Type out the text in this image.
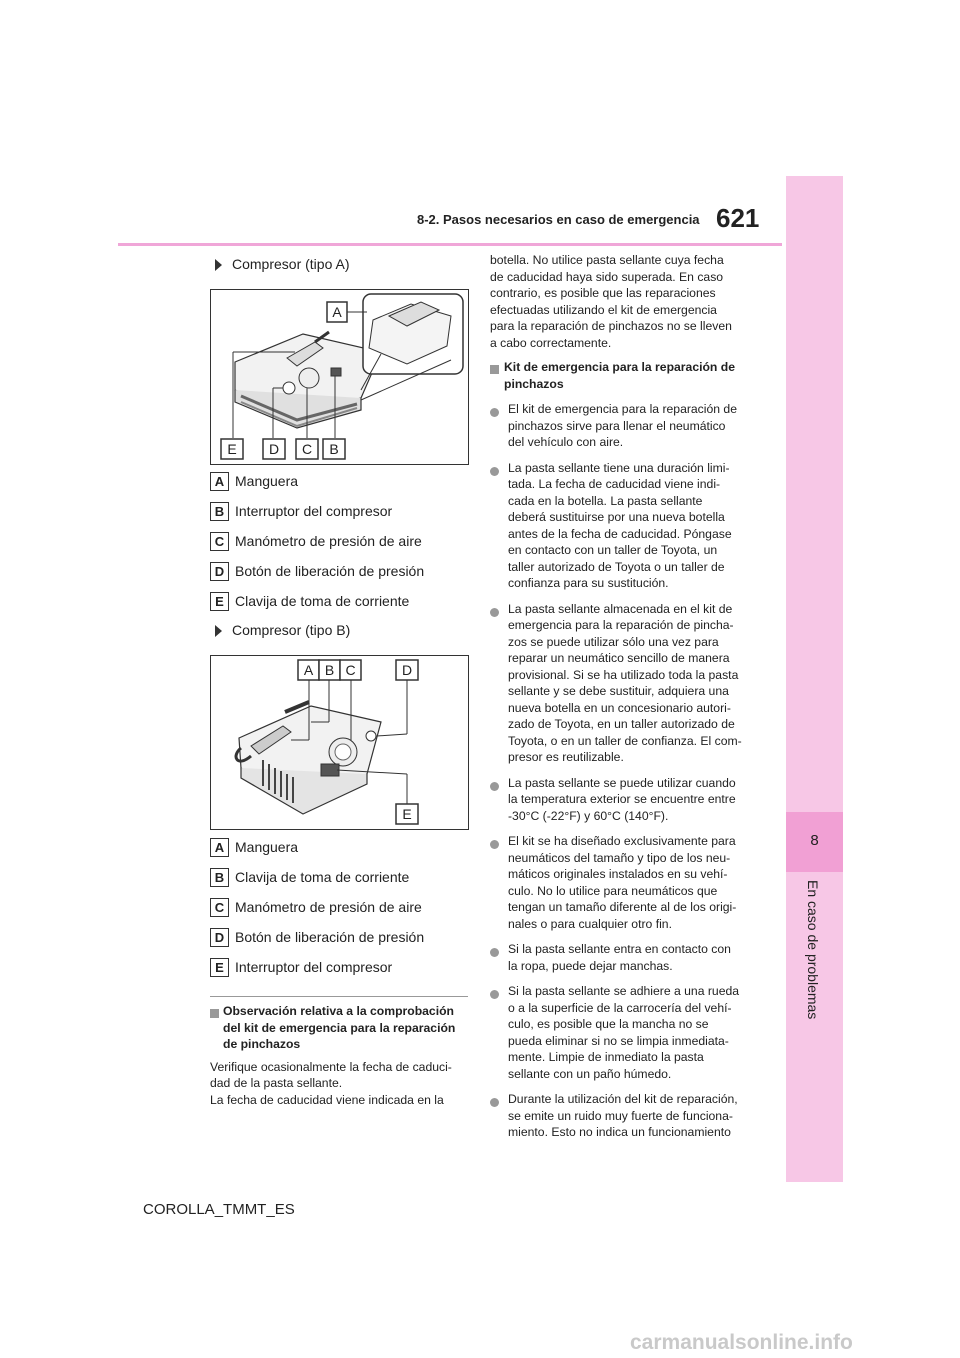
8-2. Pasos necesarios en caso de emergencia 621
8
En caso de problemas
Compresor (tipo A)
A
E D C B
A Manguera
B Interruptor del compresor
C Manómetro de presión de aire
D Botón de liberación de presión
E Clavija de toma de corriente
Compresor (tipo B)
A B C	D
E
A Manguera
B Clavija de toma de corriente
C Manómetro de presión de aire
D Botón de liberación de presión
E Interruptor del compresor
Observación relativa a la comprobación del kit de emergencia para la reparación de pinchazos
Verifique ocasionalmente la fecha de caduci-
dad de la pasta sellante.
La fecha de caducidad viene indicada en la
botella. No utilice pasta sellante cuya fecha
de caducidad haya sido superada. En caso
contrario, es posible que las reparaciones
efectuadas utilizando el kit de emergencia
para la reparación de pinchazos no se lleven
a cabo correctamente.
Kit de emergencia para la reparación de
pinchazos
El kit de emergencia para la reparación de
pinchazos sirve para llenar el neumático
del vehículo con aire.
La pasta sellante tiene una duración limi-
tada. La fecha de caducidad viene indi-
cada en la botella. La pasta sellante
deberá sustituirse por una nueva botella
antes de la fecha de caducidad. Póngase
en contacto con un taller de Toyota, un
taller autorizado de Toyota o un taller de
confianza para su sustitución.
La pasta sellante almacenada en el kit de
emergencia para la reparación de pincha-
zos se puede utilizar sólo una vez para
reparar un neumático sencillo de manera
provisional. Si se ha utilizado toda la pasta
sellante y se debe sustituir, adquiera una
nueva botella en un concesionario autori-
zado de Toyota, en un taller autorizado de
Toyota, o en un taller de confianza. El com-
presor es reutilizable.
La pasta sellante se puede utilizar cuando
la temperatura exterior se encuentre entre
-30°C (-22°F) y 60°C (140°F).
El kit se ha diseñado exclusivamente para
neumáticos del tamaño y tipo de los neu-
máticos originales instalados en su vehí-
culo. No lo utilice para neumáticos que
tengan un tamaño diferente al de los origi-
nales o para cualquier otro fin.
Si la pasta sellante entra en contacto con
la ropa, puede dejar manchas.
Si la pasta sellante se adhiere a una rueda
o a la superficie de la carrocería del vehí-
culo, es posible que la mancha no se
pueda eliminar si no se limpia inmediata-
mente. Limpie de inmediato la pasta
sellante con un paño húmedo.
Durante la utilización del kit de reparación,
se emite un ruido muy fuerte de funciona-
miento. Esto no indica un funcionamiento
COROLLA_TMMT_ES
carmanualsonline.info
